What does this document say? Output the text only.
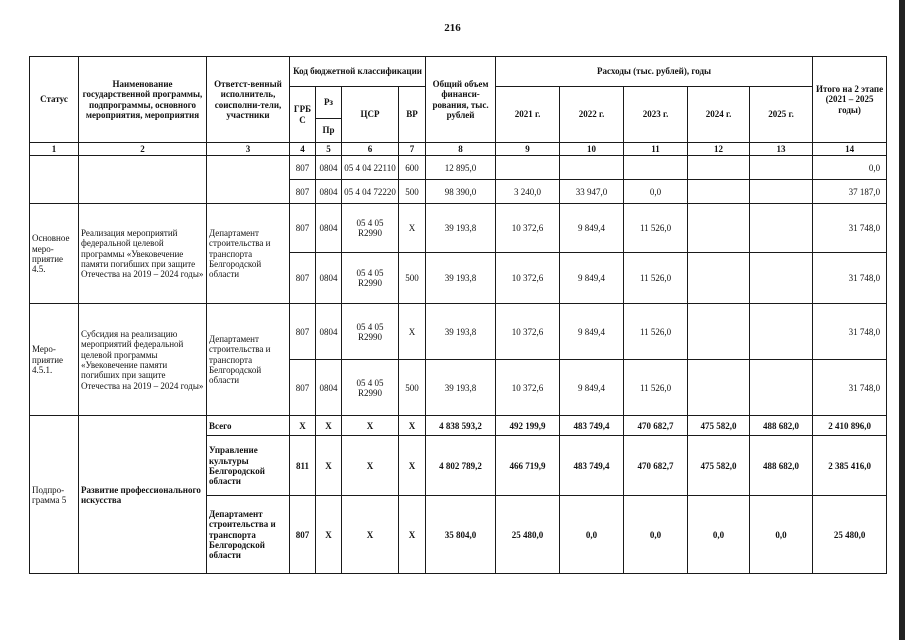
216
Статус	Наименование государственной программы, подпрограммы, основного мероприятия, мероприятия	Ответст-венный исполнитель, соисполни-тели, участники	Код бюджетной классификации				Общий объем финанси-рования, тыс. рублей	Расходы (тыс. рублей), годы					Итого на 2 этапе (2021 – 2025 годы)
			ГРБ С	Рз	ЦСР	ВР		2021 г.	2022 г.	2023 г.	2024 г.	2025 г.	
				Пр									
1	2	3	4	5	6	7	8	9	10	11	12	13	14
			807	0804	05 4 04 22110	600	12 895,0						0,0
			807	0804	05 4 04 72220	500	98 390,0	3 240,0	33 947,0	0,0			37 187,0
Основное меро-приятие 4.5.	Реализация мероприятий федеральной целевой программы «Увековечение памяти погибших при защите Отечества на 2019 – 2024 годы»	Департамент строительства и транспорта Белгородской области	807	0804	05 4 05 R2990	Х	39 193,8	10 372,6	9 849,4	11 526,0			31 748,0
			807	0804	05 4 05 R2990	500	39 193,8	10 372,6	9 849,4	11 526,0			31 748,0
Меро-приятие 4.5.1.	Субсидия на реализацию мероприятий федеральной целевой программы «Увековечение памяти погибших при защите Отечества на 2019 – 2024 годы»	Департамент строительства и транспорта Белгородской области	807	0804	05 4 05 R2990	Х	39 193,8	10 372,6	9 849,4	11 526,0			31 748,0
			807	0804	05 4 05 R2990	500	39 193,8	10 372,6	9 849,4	11 526,0			31 748,0
Подпро-грамма 5	Развитие профессионального искусства	Всего	Х	Х	Х	Х	4 838 593,2	492 199,9	483 749,4	470 682,7	475 582,0	488 682,0	2 410 896,0
		Управление культуры Белгородской области	811	Х	Х	Х	4 802 789,2	466 719,9	483 749,4	470 682,7	475 582,0	488 682,0	2 385 416,0
		Департамент строительства и транспорта Белгородской области	807	Х	Х	Х	35 804,0	25 480,0	0,0	0,0	0,0	0,0	25 480,0
